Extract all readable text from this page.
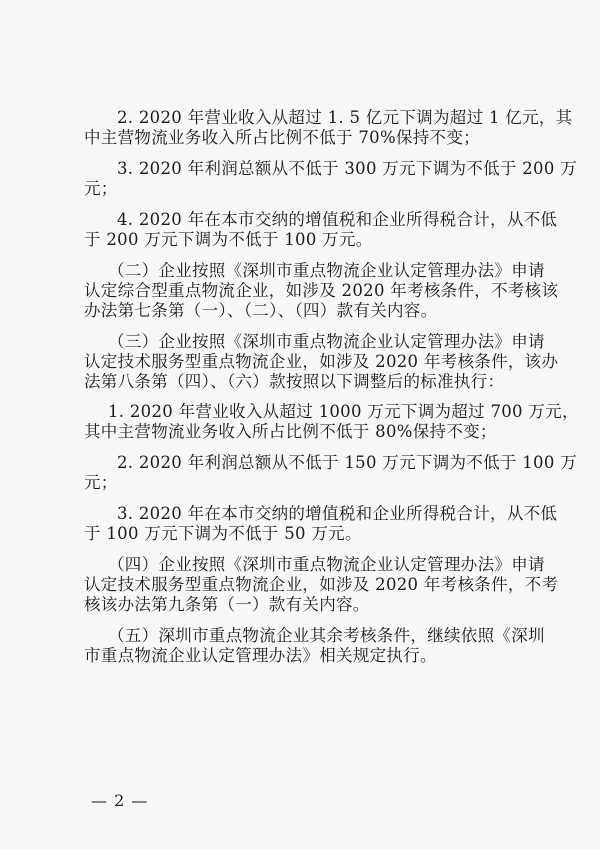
2. 2020 年营业收入从超过 1. 5 亿元下调为超过 1 亿元，其
中主营物流业务收入所占比例不低于 70%保持不变；
3. 2020 年利润总额从不低于 300 万元下调为不低于 200 万
元；
4. 2020 年在本市交纳的增值税和企业所得税合计，从不低
于 200 万元下调为不低于 100 万元。
（二）企业按照《深圳市重点物流企业认定管理办法》申请
认定综合型重点物流企业，如涉及 2020 年考核条件，不考核该
办法第七条第（一）、（二）、（四）款有关内容。
（三）企业按照《深圳市重点物流企业认定管理办法》申请
认定技术服务型重点物流企业，如涉及 2020 年考核条件，该办
法第八条第（四）、（六）款按照以下调整后的标准执行：
1. 2020 年营业收入从超过 1000 万元下调为超过 700 万元，
其中主营物流业务收入所占比例不低于 80%保持不变；
2. 2020 年利润总额从不低于 150 万元下调为不低于 100 万
元；
3. 2020 年在本市交纳的增值税和企业所得税合计，从不低
于 100 万元下调为不低于 50 万元。
（四）企业按照《深圳市重点物流企业认定管理办法》申请
认定技术服务型重点物流企业，如涉及 2020 年考核条件，不考
核该办法第九条第（一）款有关内容。
（五）深圳市重点物流企业其余考核条件，继续依照《深圳
市重点物流企业认定管理办法》相关规定执行。
— 2 —
